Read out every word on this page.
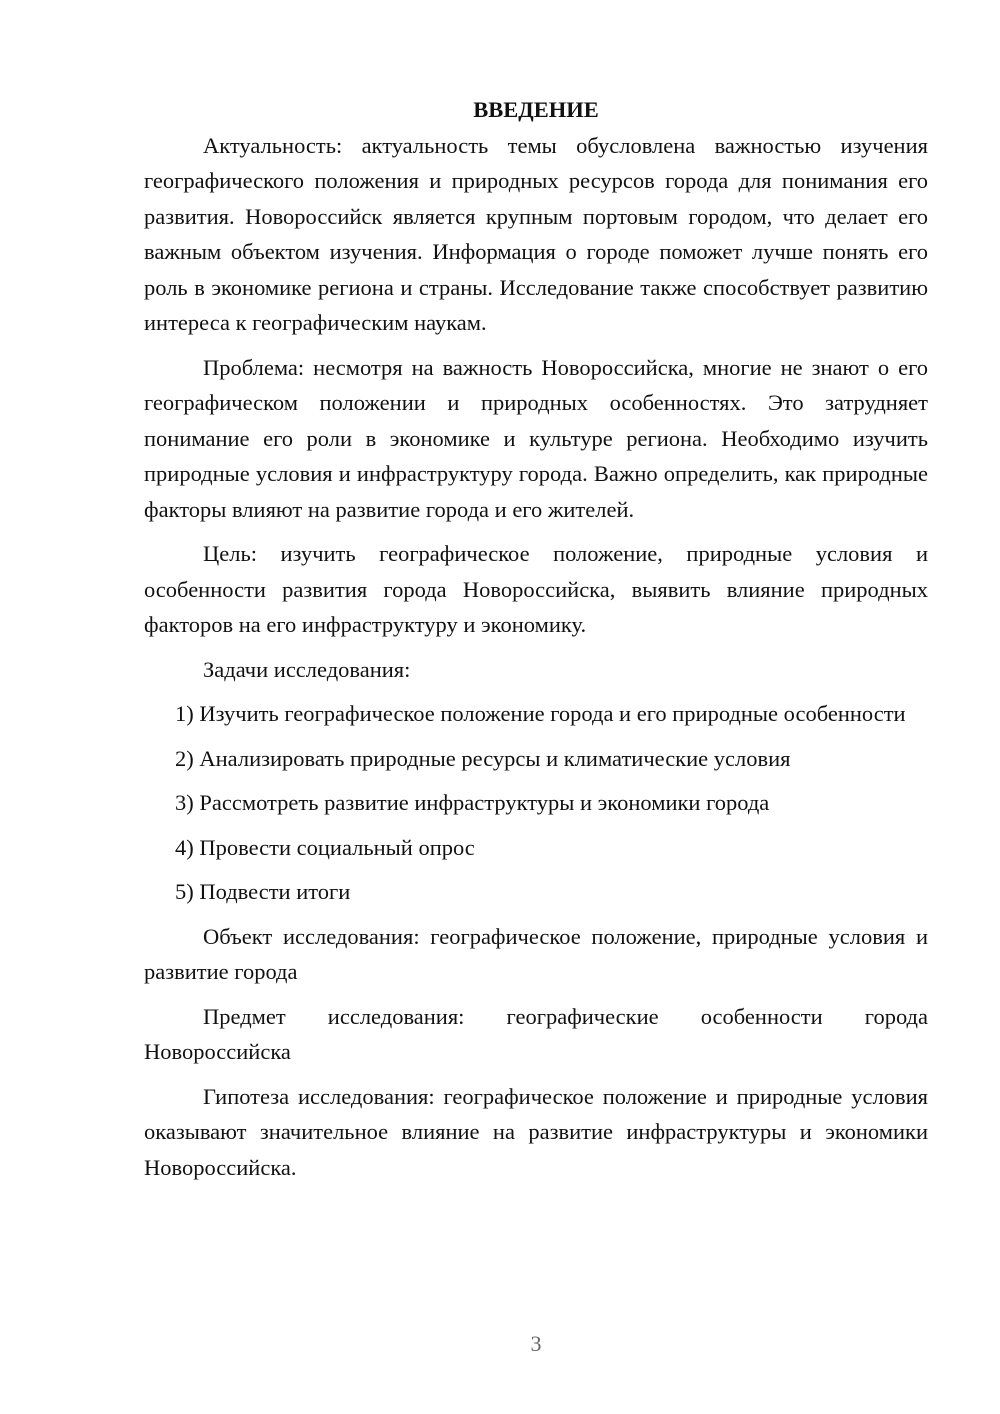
ВВЕДЕНИЕ

Актуальность: актуальность темы обусловлена важностью изучения географического положения и природных ресурсов города для понимания его развития. Новороссийск является крупным портовым городом, что делает его важным объектом изучения. Информация о городе поможет лучше понять его роль в экономике региона и страны. Исследование также способствует развитию интереса к географическим наукам.

Проблема: несмотря на важность Новороссийска, многие не знают о его географическом положении и природных особенностях. Это затрудняет понимание его роли в экономике и культуре региона. Необходимо изучить природные условия и инфраструктуру города. Важно определить, как природные факторы влияют на развитие города и его жителей.

Цель: изучить географическое положение, природные условия и особенности развития города Новороссийска, выявить влияние природных факторов на его инфраструктуру и экономику.

Задачи исследования:

1) Изучить географическое положение города и его природные особенности

2) Анализировать природные ресурсы и климатические условия

3) Рассмотреть развитие инфраструктуры и экономики города

4) Провести социальный опрос

5) Подвести итоги

Объект исследования: географическое положение, природные условия и развитие города

Предмет исследования: географические особенности города Новороссийска

Гипотеза исследования: географическое положение и природные условия оказывают значительное влияние на развитие инфраструктуры и экономики Новороссийска.

3
